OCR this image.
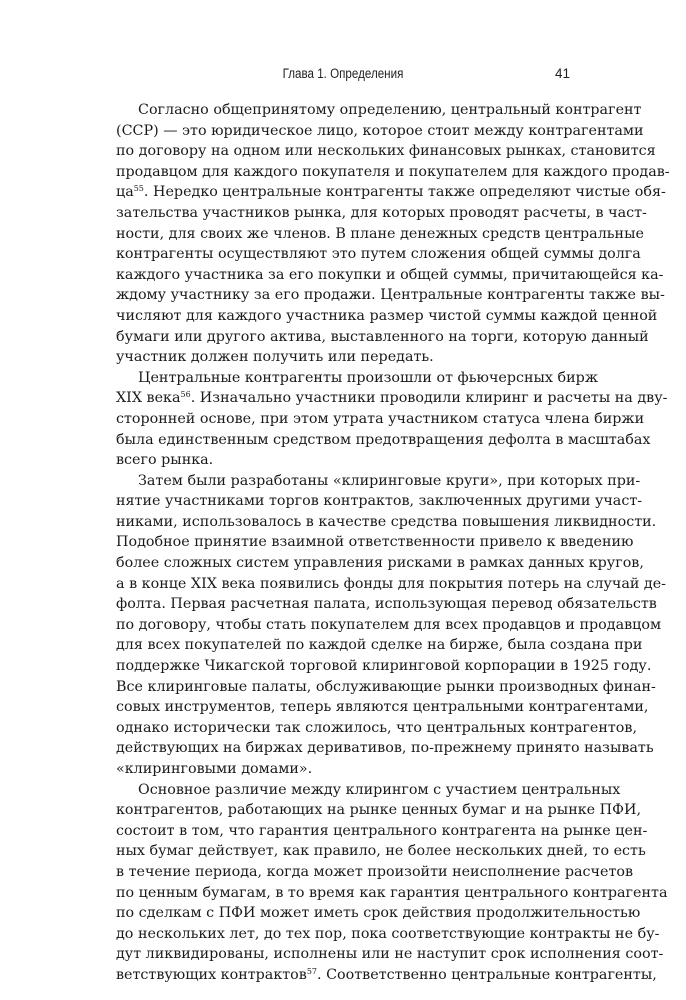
Глава 1. Определения	41
Согласно общепринятому определению, центральный контрагент
(CCP) — это юридическое лицо, которое стоит между контрагентами
по договору на одном или нескольких финансовых рынках, становится
продавцом для каждого покупателя и покупателем для каждого продав-
ца$^{55}$. Нередко центральные контрагенты также определяют чистые обя-
зательства участников рынка, для которых проводят расчеты, в част-
ности, для своих же членов. В плане денежных средств центральные
контрагенты осуществляют это путем сложения общей суммы долга
каждого участника за его покупки и общей суммы, причитающейся ка-
ждому участнику за его продажи. Центральные контрагенты также вы-
числяют для каждого участника размер чистой суммы каждой ценной
бумаги или другого актива, выставленного на торги, которую данный
участник должен получить или передать.
Центральные контрагенты произошли от фьючерсных бирж
XIX века$^{56}$. Изначально участники проводили клиринг и расчеты на дву-
сторонней основе, при этом утрата участником статуса члена биржи
была единственным средством предотвращения дефолта в масштабах
всего рынка.
Затем были разработаны «клиринговые круги», при которых при-
нятие участниками торгов контрактов, заключенных другими участ-
никами, использовалось в качестве средства повышения ликвидности.
Подобное принятие взаимной ответственности привело к введению
более сложных систем управления рисками в рамках данных кругов,
а в конце XIX века появились фонды для покрытия потерь на случай де-
фолта. Первая расчетная палата, использующая перевод обязательств
по договору, чтобы стать покупателем для всех продавцов и продавцом
для всех покупателей по каждой сделке на бирже, была создана при
поддержке Чикагской торговой клиринговой корпорации в 1925 году.
Все клиринговые палаты, обслуживающие рынки производных финан-
совых инструментов, теперь являются центральными контрагентами,
однако исторически так сложилось, что центральных контрагентов,
действующих на биржах деривативов, по-прежнему принято называть
«клиринговыми домами».
Основное различие между клирингом с участием центральных
контрагентов, работающих на рынке ценных бумаг и на рынке ПФИ,
состоит в том, что гарантия центрального контрагента на рынке цен-
ных бумаг действует, как правило, не более нескольких дней, то есть
в течение периода, когда может произойти неисполнение расчетов
по ценным бумагам, в то время как гарантия центрального контрагента
по сделкам с ПФИ может иметь срок действия продолжительностью
до нескольких лет, до тех пор, пока соответствующие контракты не бу-
дут ликвидированы, исполнены или не наступит срок исполнения соот-
ветствующих контрактов$^{57}$. Соответственно центральные контрагенты,
